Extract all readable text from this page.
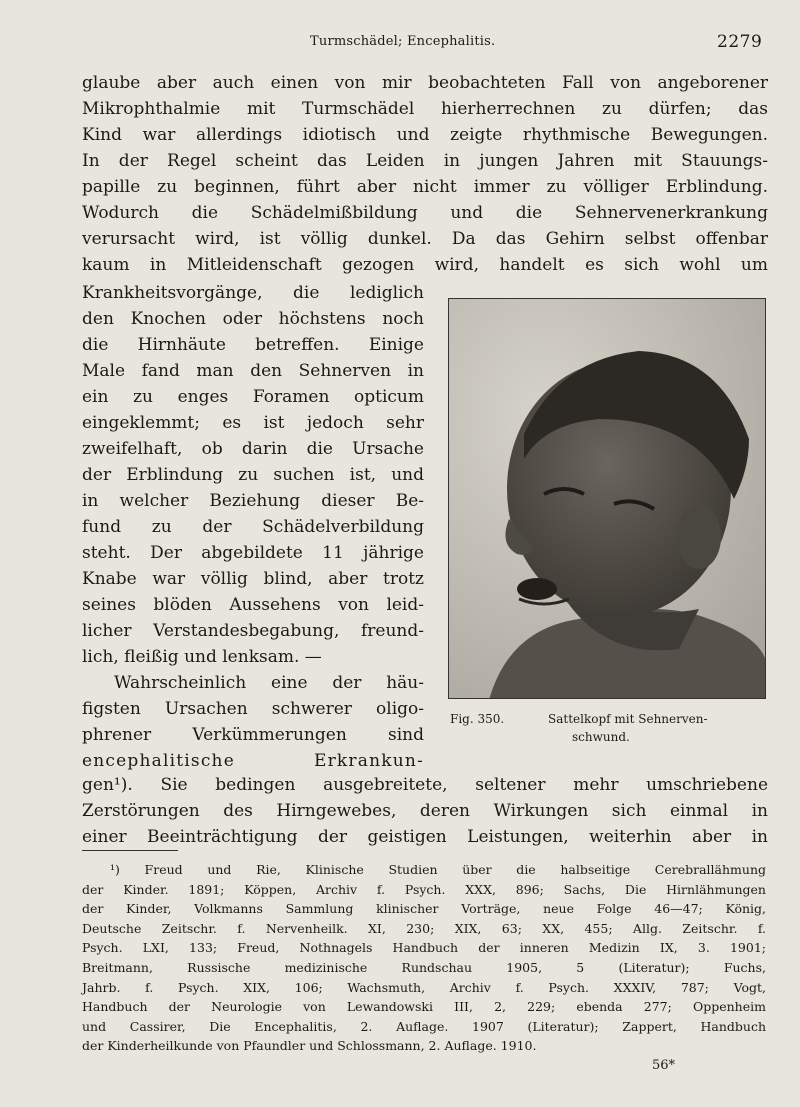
Turmschädel; Encephalitis.	2279
glaube aber auch einen von mir beobachteten Fall von angeborener
Mikrophthalmie mit Turmschädel hierherrechnen zu dürfen; das
Kind war allerdings idiotisch und zeigte rhythmische Bewegungen.
In der Regel scheint das Leiden in jungen Jahren mit Stauungs-
papille zu beginnen, führt aber nicht immer zu völliger Erblindung.
Wodurch die Schädelmißbildung und die Sehnervenerkrankung
verursacht wird, ist völlig dunkel. Da das Gehirn selbst offenbar
kaum in Mitleidenschaft gezogen wird, handelt es sich wohl um
Krankheitsvorgänge, die lediglich
den Knochen oder höchstens noch
die Hirnhäute betreffen. Einige
Male fand man den Sehnerven in
ein zu enges Foramen opticum
eingeklemmt; es ist jedoch sehr
zweifelhaft, ob darin die Ursache
der Erblindung zu suchen ist, und
in welcher Beziehung dieser Be-
fund zu der Schädelverbildung
steht. Der abgebildete 11 jährige
Knabe war völlig blind, aber trotz
seines blöden Aussehens von leid-
licher Verstandesbegabung, freund-
lich, fleißig und lenksam. —
Wahrscheinlich eine der häu-
figsten Ursachen schwerer oligo-
phrener Verkümmerungen sind
encephalitische Erkrankun-
gen¹). Sie bedingen ausgebreitete, seltener mehr umschriebene
Zerstörungen des Hirngewebes, deren Wirkungen sich einmal in
einer Beeinträchtigung der geistigen Leistungen, weiterhin aber in
Fig. 350.	Sattelkopf mit Sehnerven-
schwund.
¹) Freud und Rie, Klinische Studien über die halbseitige Cerebrallähmung
der Kinder. 1891; Köppen, Archiv f. Psych. XXX, 896; Sachs, Die Hirnlähmungen
der Kinder, Volkmanns Sammlung klinischer Vorträge, neue Folge 46—47; König,
Deutsche Zeitschr. f. Nervenheilk. XI, 230; XIX, 63; XX, 455; Allg. Zeitschr. f.
Psych. LXI, 133; Freud, Nothnagels Handbuch der inneren Medizin IX, 3. 1901;
Breitmann, Russische medizinische Rundschau 1905, 5 (Literatur); Fuchs,
Jahrb. f. Psych. XIX, 106; Wachsmuth, Archiv f. Psych. XXXIV, 787; Vogt,
Handbuch der Neurologie von Lewandowski III, 2, 229; ebenda 277; Oppenheim
und Cassirer, Die Encephalitis, 2. Auflage. 1907 (Literatur); Zappert, Handbuch
der Kinderheilkunde von Pfaundler und Schlossmann, 2. Auflage. 1910.
56*
